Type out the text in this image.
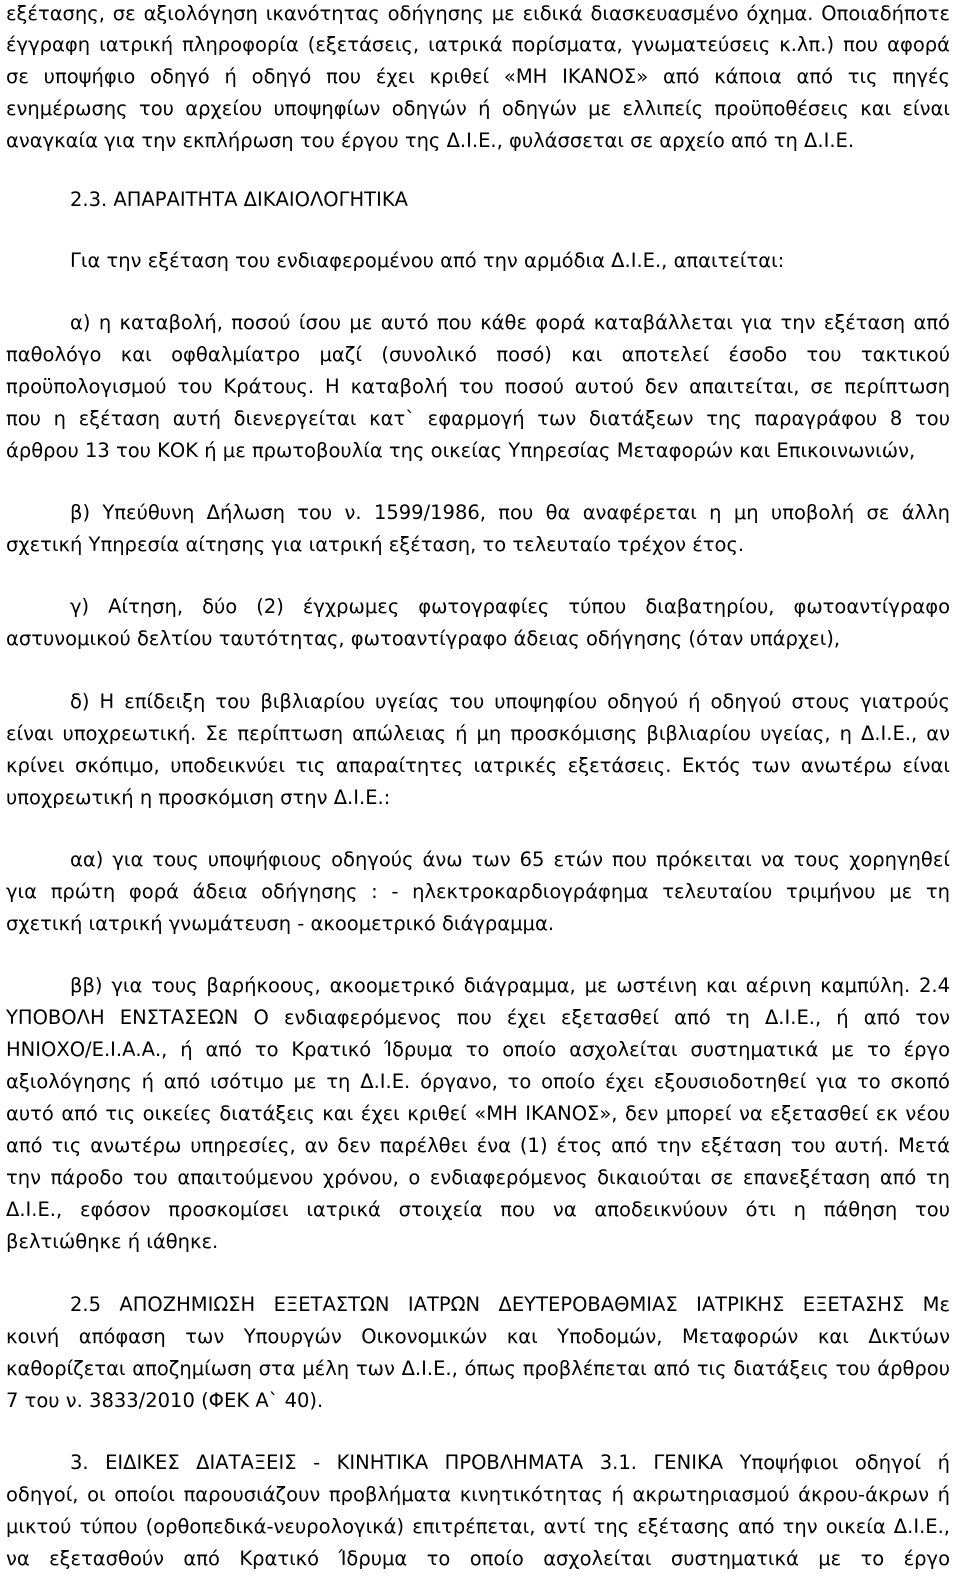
εξέτασης, σε αξιολόγηση ικανότητας οδήγησης με ειδικά διασκευασμένο όχημα. Οποιαδήποτε
έγγραφη ιατρική πληροφορία (εξετάσεις, ιατρικά πορίσματα, γνωματεύσεις κ.λπ.) που αφορά
σε υποψήφιο οδηγό ή οδηγό που έχει κριθεί «ΜΗ ΙΚΑΝΟΣ» από κάποια από τις πηγές
ενημέρωσης του αρχείου υποψηφίων οδηγών ή οδηγών με ελλιπείς προϋποθέσεις και είναι
αναγκαία για την εκπλήρωση του έργου της Δ.Ι.Ε., φυλάσσεται σε αρχείο από τη Δ.Ι.Ε.
2.3. ΑΠΑΡΑΙΤΗΤΑ ΔΙΚΑΙΟΛΟΓΗΤΙΚΑ
Για την εξέταση του ενδιαφερομένου από την αρμόδια Δ.Ι.Ε., απαιτείται:
α) η καταβολή, ποσού ίσου με αυτό που κάθε φορά καταβάλλεται για την εξέταση από
παθολόγο και οφθαλμίατρο μαζί (συνολικό ποσό) και αποτελεί έσοδο του τακτικού
προϋπολογισμού του Κράτους. Η καταβολή του ποσού αυτού δεν απαιτείται, σε περίπτωση
που η εξέταση αυτή διενεργείται κατ` εφαρμογή των διατάξεων της παραγράφου 8 του
άρθρου 13 του ΚΟΚ ή με πρωτοβουλία της οικείας Υπηρεσίας Μεταφορών και Επικοινωνιών,
β) Υπεύθυνη Δήλωση του ν. 1599/1986, που θα αναφέρεται η μη υποβολή σε άλλη
σχετική Υπηρεσία αίτησης για ιατρική εξέταση, το τελευταίο τρέχον έτος.
γ) Αίτηση, δύο (2) έγχρωμες φωτογραφίες τύπου διαβατηρίου, φωτοαντίγραφο
αστυνομικού δελτίου ταυτότητας, φωτοαντίγραφο άδειας οδήγησης (όταν υπάρχει),
δ) Η επίδειξη του βιβλιαρίου υγείας του υποψηφίου οδηγού ή οδηγού στους γιατρούς
είναι υποχρεωτική. Σε περίπτωση απώλειας ή μη προσκόμισης βιβλιαρίου υγείας, η Δ.Ι.Ε., αν
κρίνει σκόπιμο, υποδεικνύει τις απαραίτητες ιατρικές εξετάσεις. Εκτός των ανωτέρω είναι
υποχρεωτική η προσκόμιση στην Δ.Ι.Ε.:
αα) για τους υποψήφιους οδηγούς άνω των 65 ετών που πρόκειται να τους χορηγηθεί
για πρώτη φορά άδεια οδήγησης : - ηλεκτροκαρδιογράφημα τελευταίου τριμήνου με τη
σχετική ιατρική γνωμάτευση - ακοομετρικό διάγραμμα.
ββ) για τους βαρήκοους, ακοομετρικό διάγραμμα, με ωστέινη και αέρινη καμπύλη. 2.4
ΥΠΟΒΟΛΗ ΕΝΣΤΑΣΕΩΝ Ο ενδιαφερόμενος που έχει εξετασθεί από τη Δ.Ι.Ε., ή από τον
ΗΝΙΟΧΟ/Ε.Ι.Α.Α., ή από το Κρατικό Ίδρυμα το οποίο ασχολείται συστηματικά με το έργο
αξιολόγησης ή από ισότιμο με τη Δ.Ι.Ε. όργανο, το οποίο έχει εξουσιοδοτηθεί για το σκοπό
αυτό από τις οικείες διατάξεις και έχει κριθεί «ΜΗ ΙΚΑΝΟΣ», δεν μπορεί να εξετασθεί εκ νέου
από τις ανωτέρω υπηρεσίες, αν δεν παρέλθει ένα (1) έτος από την εξέταση του αυτή. Μετά
την πάροδο του απαιτούμενου χρόνου, ο ενδιαφερόμενος δικαιούται σε επανεξέταση από τη
Δ.Ι.Ε., εφόσον προσκομίσει ιατρικά στοιχεία που να αποδεικνύουν ότι η πάθηση του
βελτιώθηκε ή ιάθηκε.
2.5 ΑΠΟΖΗΜΙΩΣΗ ΕΞΕΤΑΣΤΩΝ ΙΑΤΡΩΝ ΔΕΥΤΕΡΟΒΑΘΜΙΑΣ ΙΑΤΡΙΚΗΣ ΕΞΕΤΑΣΗΣ Με
κοινή απόφαση των Υπουργών Οικονομικών και Υποδομών, Μεταφορών και Δικτύων
καθορίζεται αποζημίωση στα μέλη των Δ.Ι.Ε., όπως προβλέπεται από τις διατάξεις του άρθρου
7 του ν. 3833/2010 (ΦΕΚ Α` 40).
3. ΕΙΔΙΚΕΣ ΔΙΑΤΑΞΕΙΣ - ΚΙΝΗΤΙΚΑ ΠΡΟΒΛΗΜΑΤΑ 3.1. ΓΕΝΙΚΑ Υποψήφιοι οδηγοί ή
οδηγοί, οι οποίοι παρουσιάζουν προβλήματα κινητικότητας ή ακρωτηριασμού άκρου-άκρων ή
μικτού τύπου (ορθοπεδικά-νευρολογικά) επιτρέπεται, αντί της εξέτασης από την οικεία Δ.Ι.Ε.,
να εξετασθούν από Κρατικό Ίδρυμα το οποίο ασχολείται συστηματικά με το έργο
